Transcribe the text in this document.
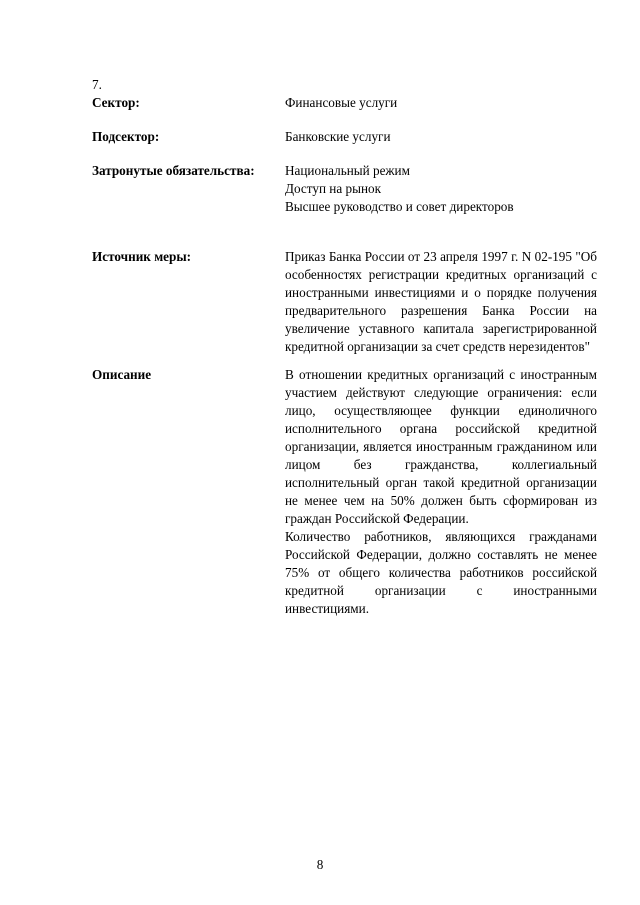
7.
Сектор:	Финансовые услуги
Подсектор:	Банковские услуги
Затронутые обязательства: Национальный режим
Доступ на рынок
Высшее руководство и совет директоров
Источник меры:	Приказ Банка России от 23 апреля 1997 г. N 02-195 "Об особенностях регистрации кредитных организаций с иностранными инвестициями и о порядке получения предварительного разрешения Банка России на увеличение уставного капитала зарегистрированной кредитной организации за счет средств нерезидентов"
Описание	В отношении кредитных организаций с иностранным участием действуют следующие ограничения: если лицо, осуществляющее функции единоличного исполнительного органа российской кредитной организации, является иностранным гражданином или лицом без гражданства, коллегиальный исполнительный орган такой кредитной организации не менее чем на 50% должен быть сформирован из граждан Российской Федерации.

Количество работников, являющихся гражданами Российской Федерации, должно составлять не менее 75% от общего количества работников российской кредитной организации с иностранными инвестициями.

8
